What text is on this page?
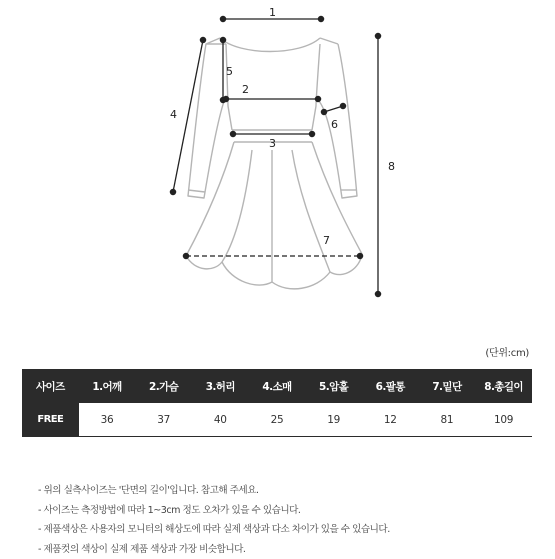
1
2
3
4
5
6
7
8
(단위:cm)
사이즈	1.어깨	2.가슴	3.허리	4.소매	5.암홀	6.팔통	7.밑단	8.총길이
FREE	36	37	40	25	19	12	81	109
- 위의 실측사이즈는 '단면의 길이'입니다. 참고해 주세요.
- 사이즈는 측정방법에 따라 1~3cm 정도 오차가 있을 수 있습니다.
- 제품색상은 사용자의 모니터의 해상도에 따라 실제 색상과 다소 차이가 있을 수 있습니다.
- 제품컷의 색상이 실제 제품 색상과 가장 비슷합니다.
